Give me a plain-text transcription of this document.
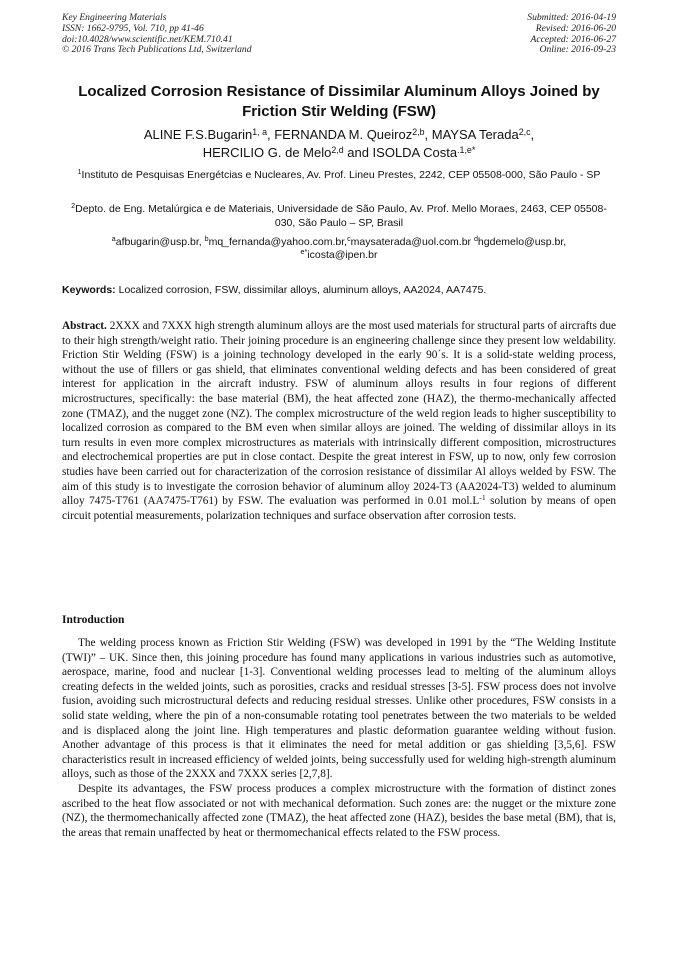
Key Engineering Materials
ISSN: 1662-9795, Vol. 710, pp 41-46
doi:10.4028/www.scientific.net/KEM.710.41
© 2016 Trans Tech Publications Ltd, Switzerland
Submitted: 2016-04-19
Revised: 2016-06-20
Accepted: 2016-06-27
Online: 2016-09-23
Localized Corrosion Resistance of Dissimilar Aluminum Alloys Joined by Friction Stir Welding (FSW)
ALINE F.S.Bugarin$^{1, a}$, FERNANDA M. Queiroz$^{2,b}$, MAYSA Terada$^{2,c}$,
HERCILIO G. de Melo$^{2,d}$ and ISOLDA Costa$^{.1,e*}$
$^1$Instituto de Pesquisas Energétcias e Nucleares, Av. Prof. Lineu Prestes, 2242, CEP 05508-000, São Paulo - SP
$^2$Depto. de Eng. Metalúrgica e de Materiais, Universidade de São Paulo, Av. Prof. Mello Moraes, 2463, CEP 05508-030, São Paulo – SP, Brasil
$^a$afbugarin@usp.br, $^b$mq_fernanda@yahoo.com.br,$^c$maysaterada@uol.com.br $^d$hgdemelo@usp.br,
$^{e*}$icosta@ipen.br
Keywords: Localized corrosion, FSW, dissimilar alloys, aluminum alloys, AA2024, AA7475.
Abstract. 2XXX and 7XXX high strength aluminum alloys are the most used materials for structural parts of aircrafts due to their high strength/weight ratio. Their joining procedure is an engineering challenge since they present low weldability. Friction Stir Welding (FSW) is a joining technology developed in the early 90´s. It is a solid-state welding process, without the use of fillers or gas shield, that eliminates conventional welding defects and has been considered of great interest for application in the aircraft industry. FSW of aluminum alloys results in four regions of different microstructures, specifically: the base material (BM), the heat affected zone (HAZ), the thermo-mechanically affected zone (TMAZ), and the nugget zone (NZ). The complex microstructure of the weld region leads to higher susceptibility to localized corrosion as compared to the BM even when similar alloys are joined. The welding of dissimilar alloys in its turn results in even more complex microstructures as materials with intrinsically different composition, microstructures and electrochemical properties are put in close contact. Despite the great interest in FSW, up to now, only few corrosion studies have been carried out for characterization of the corrosion resistance of dissimilar Al alloys welded by FSW. The aim of this study is to investigate the corrosion behavior of aluminum alloy 2024-T3 (AA2024-T3) welded to aluminum alloy 7475-T761 (AA7475-T761) by FSW. The evaluation was performed in 0.01 $mol.L^{-1}$ solution by means of open circuit potential measurements, polarization techniques and surface observation after corrosion tests.
Introduction

The welding process known as Friction Stir Welding (FSW) was developed in 1991 by the “The Welding Institute (TWI)” – UK. Since then, this joining procedure has found many applications in various industries such as automotive, aerospace, marine, food and nuclear [1-3]. Conventional welding processes lead to melting of the aluminum alloys creating defects in the welded joints, such as porosities, cracks and residual stresses [3-5]. FSW process does not involve fusion, avoiding such microstructural defects and reducing residual stresses. Unlike other procedures, FSW consists in a solid state welding, where the pin of a non-consumable rotating tool penetrates between the two materials to be welded and is displaced along the joint line. High temperatures and plastic deformation guarantee welding without fusion. Another advantage of this process is that it eliminates the need for metal addition or gas shielding [3,5,6]. FSW characteristics result in increased efficiency of welded joints, being successfully used for welding high-strength aluminum alloys, such as those of the 2XXX and 7XXX series [2,7,8].

Despite its advantages, the FSW process produces a complex microstructure with the formation of distinct zones ascribed to the heat flow associated or not with mechanical deformation. Such zones are: the nugget or the mixture zone (NZ), the thermomechanically affected zone (TMAZ), the heat affected zone (HAZ), besides the base metal (BM), that is, the areas that remain unaffected by heat or thermomechanical effects related to the FSW process.
